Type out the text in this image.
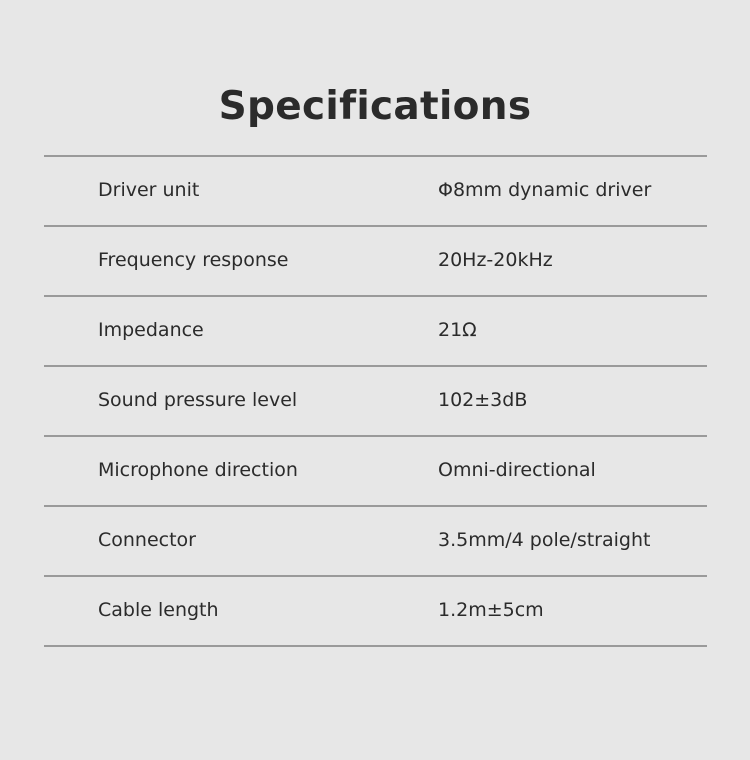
Specifications
Driver unit	Φ8mm dynamic driver
Frequency response	20Hz-20kHz
Impedance	21Ω
Sound pressure level	102±3dB
Microphone direction	Omni-directional
Connector	3.5mm/4 pole/straight
Cable length	1.2m±5cm
